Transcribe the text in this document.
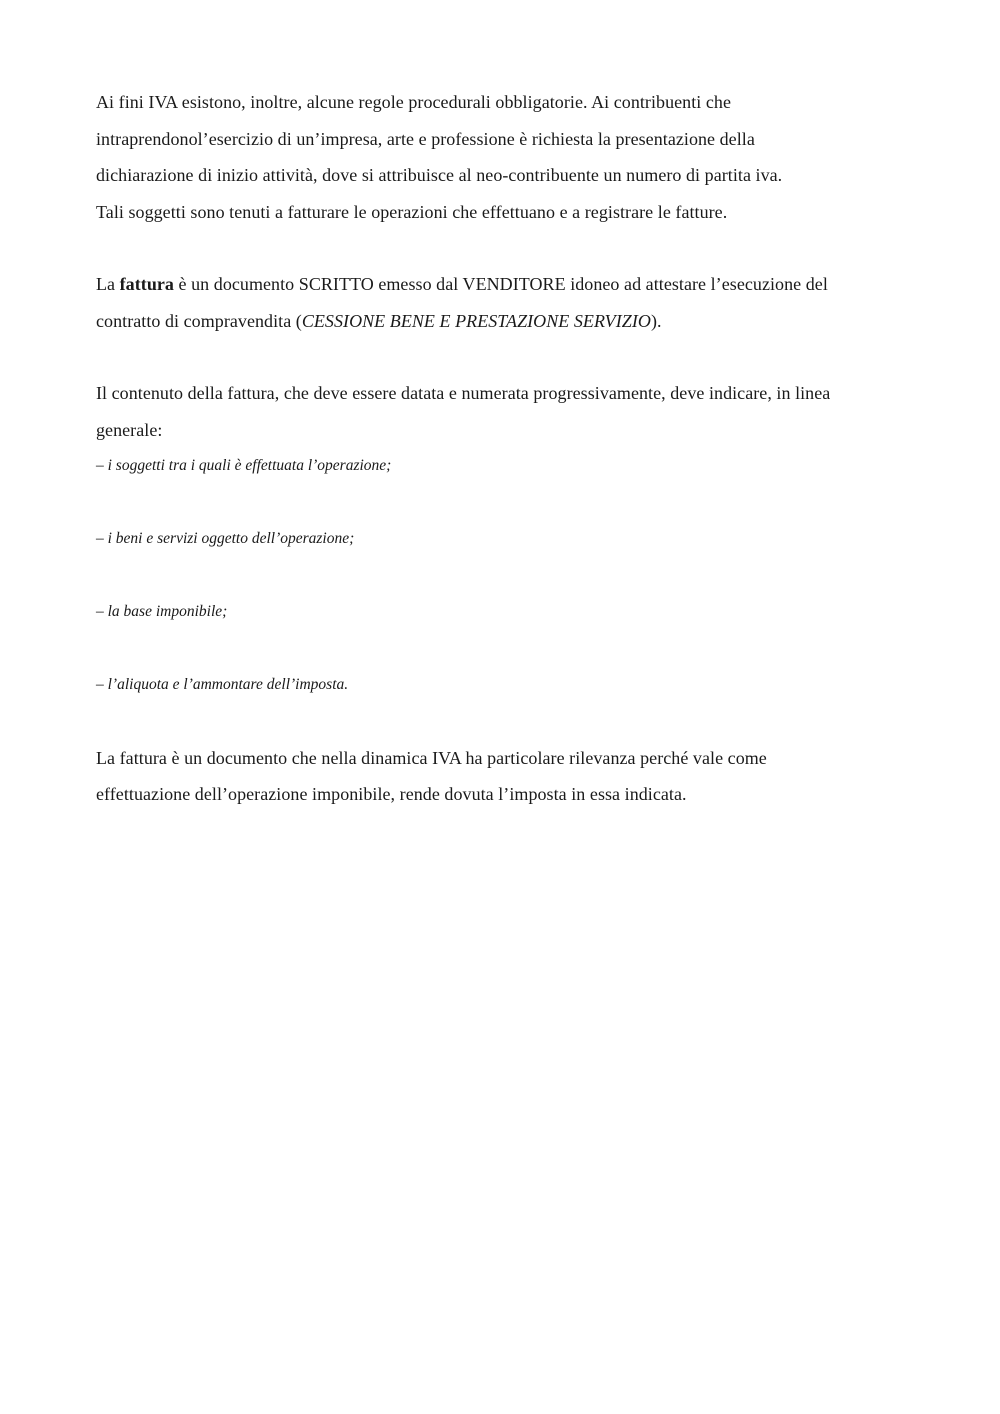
Ai fini IVA esistono, inoltre, alcune regole procedurali obbligatorie. Ai contribuenti che
intraprendonol’esercizio di un’impresa, arte e professione è richiesta la presentazione della
dichiarazione di inizio attività, dove si attribuisce al neo-contribuente un numero di partita iva.
Tali soggetti sono tenuti a fatturare le operazioni che effettuano e a registrare le fatture.
La fattura è un documento SCRITTO emesso dal VENDITORE idoneo ad attestare l’esecuzione del
contratto di compravendita (CESSIONE BENE E PRESTAZIONE SERVIZIO).
Il contenuto della fattura, che deve essere datata e numerata progressivamente, deve indicare, in linea
generale:
– i soggetti tra i quali è effettuata l’operazione;
– i beni e servizi oggetto dell’operazione;
– la base imponibile;
– l’aliquota e l’ammontare dell’imposta.
La fattura è un documento che nella dinamica IVA ha particolare rilevanza perché vale come
effettuazione dell’operazione imponibile, rende dovuta l’imposta in essa indicata.
